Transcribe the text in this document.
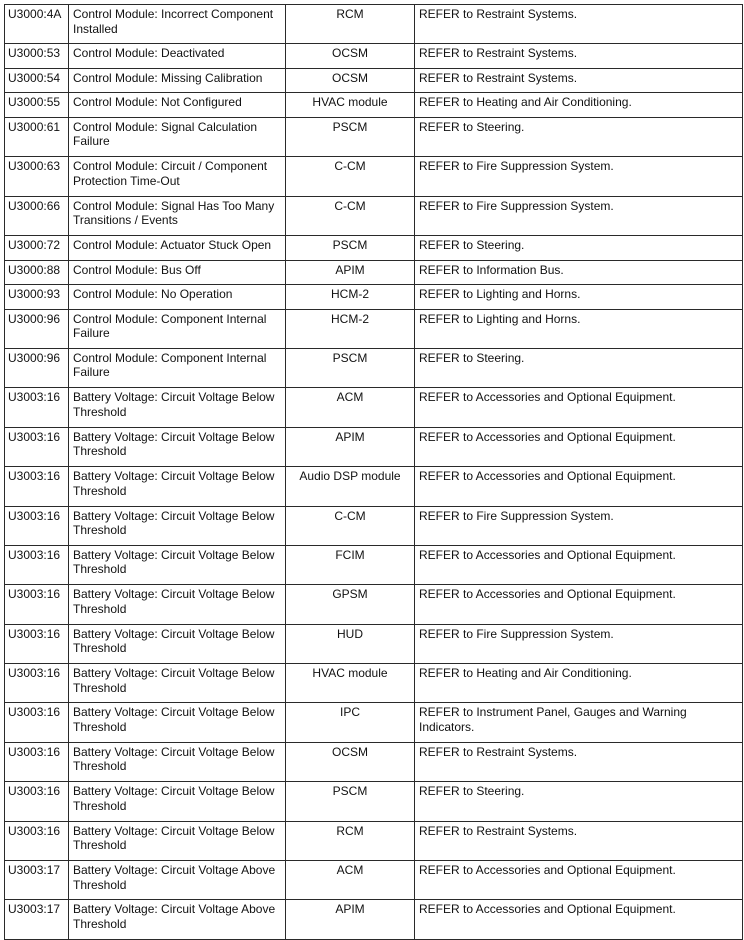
U3000:4A	Control Module: Incorrect Component Installed	RCM	REFER to Restraint Systems.
U3000:53	Control Module: Deactivated	OCSM	REFER to Restraint Systems.
U3000:54	Control Module: Missing Calibration	OCSM	REFER to Restraint Systems.
U3000:55	Control Module: Not Configured	HVAC module	REFER to Heating and Air Conditioning.
U3000:61	Control Module: Signal Calculation Failure	PSCM	REFER to Steering.
U3000:63	Control Module: Circuit / Component Protection Time-Out	C-CM	REFER to Fire Suppression System.
U3000:66	Control Module: Signal Has Too Many Transitions / Events	C-CM	REFER to Fire Suppression System.
U3000:72	Control Module: Actuator Stuck Open	PSCM	REFER to Steering.
U3000:88	Control Module: Bus Off	APIM	REFER to Information Bus.
U3000:93	Control Module: No Operation	HCM-2	REFER to Lighting and Horns.
U3000:96	Control Module: Component Internal Failure	HCM-2	REFER to Lighting and Horns.
U3000:96	Control Module: Component Internal Failure	PSCM	REFER to Steering.
U3003:16	Battery Voltage: Circuit Voltage Below Threshold	ACM	REFER to Accessories and Optional Equipment.
U3003:16	Battery Voltage: Circuit Voltage Below Threshold	APIM	REFER to Accessories and Optional Equipment.
U3003:16	Battery Voltage: Circuit Voltage Below Threshold	Audio DSP module	REFER to Accessories and Optional Equipment.
U3003:16	Battery Voltage: Circuit Voltage Below Threshold	C-CM	REFER to Fire Suppression System.
U3003:16	Battery Voltage: Circuit Voltage Below Threshold	FCIM	REFER to Accessories and Optional Equipment.
U3003:16	Battery Voltage: Circuit Voltage Below Threshold	GPSM	REFER to Accessories and Optional Equipment.
U3003:16	Battery Voltage: Circuit Voltage Below Threshold	HUD	REFER to Fire Suppression System.
U3003:16	Battery Voltage: Circuit Voltage Below Threshold	HVAC module	REFER to Heating and Air Conditioning.
U3003:16	Battery Voltage: Circuit Voltage Below Threshold	IPC	REFER to Instrument Panel, Gauges and Warning Indicators.
U3003:16	Battery Voltage: Circuit Voltage Below Threshold	OCSM	REFER to Restraint Systems.
U3003:16	Battery Voltage: Circuit Voltage Below Threshold	PSCM	REFER to Steering.
U3003:16	Battery Voltage: Circuit Voltage Below Threshold	RCM	REFER to Restraint Systems.
U3003:17	Battery Voltage: Circuit Voltage Above Threshold	ACM	REFER to Accessories and Optional Equipment.
U3003:17	Battery Voltage: Circuit Voltage Above Threshold	APIM	REFER to Accessories and Optional Equipment.
